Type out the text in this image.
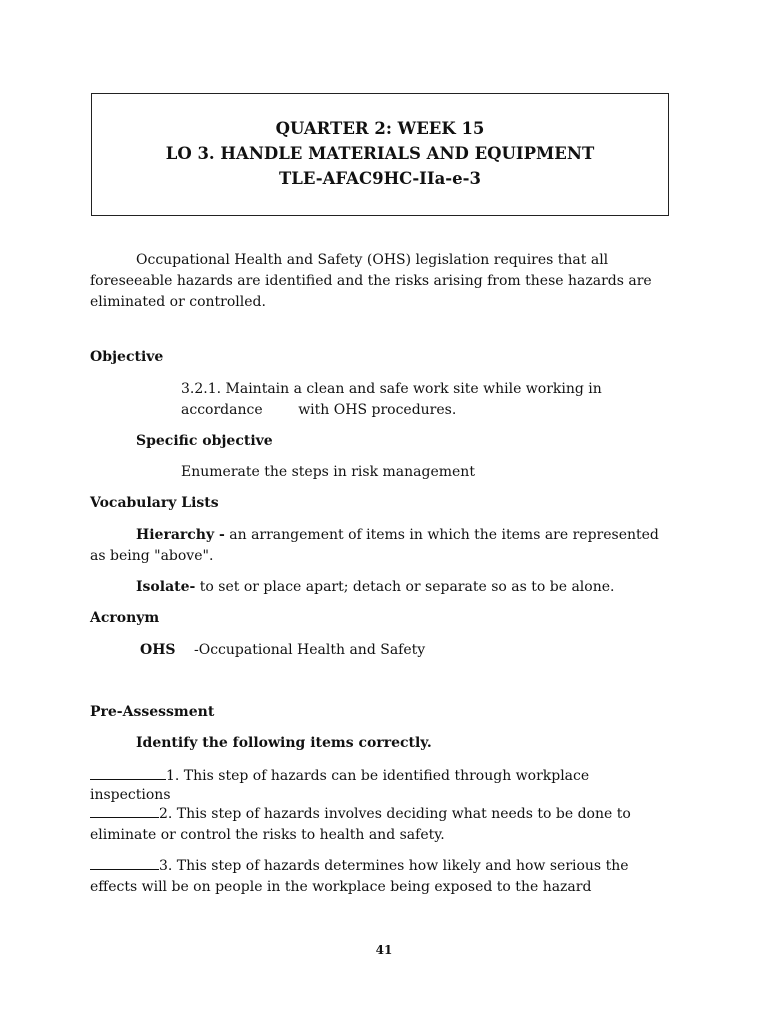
QUARTER 2: WEEK 15
LO 3. HANDLE MATERIALS AND EQUIPMENT
TLE-AFAC9HC-IIa-e-3
Occupational Health and Safety (OHS) legislation requires that all
foreseeable hazards are identified and the risks arising from these hazards are
eliminated or controlled.
Objective
3.2.1. Maintain a clean and safe work site while working in
accordance        with OHS procedures.
Specific objective
Enumerate the steps in risk management
Vocabulary Lists
Hierarchy - an arrangement of items in which the items are represented
as being "above".
Isolate- to set or place apart; detach or separate so as to be alone.
Acronym
OHS -Occupational Health and Safety
Pre-Assessment
Identify the following items correctly.
1. This step of hazards can be identified through workplace
inspections
2. This step of hazards involves deciding what needs to be done to
eliminate or control the risks to health and safety.
3. This step of hazards determines how likely and how serious the
effects will be on people in the workplace being exposed to the hazard
41
